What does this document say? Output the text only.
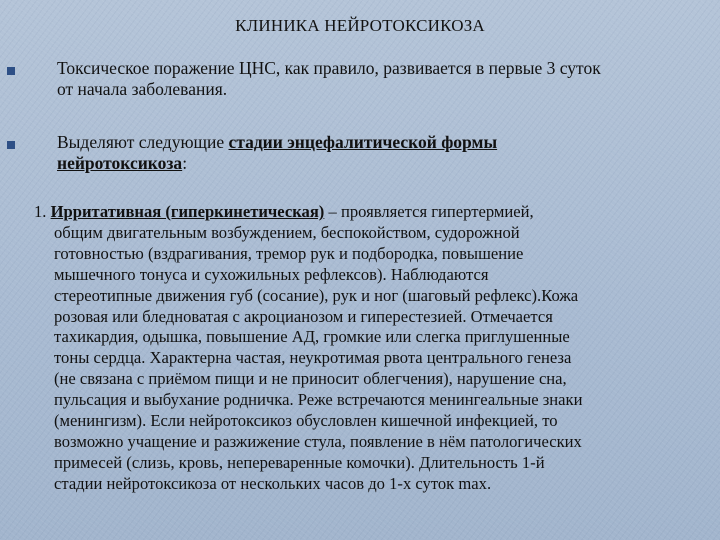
КЛИНИКА НЕЙРОТОКСИКОЗА
Токсическое поражение ЦНС, как правило, развивается в первые 3 суток
от начала заболевания.
Выделяют следующие стадии энцефалитической формы
нейротоксикоза:
1. Ирритативная (гиперкинетическая) – проявляется гипертермией,
общим двигательным возбуждением, беспокойством, судорожной
готовностью (вздрагивания, тремор рук и подбородка, повышение
мышечного тонуса и сухожильных рефлексов). Наблюдаются
стереотипные движения губ (сосание), рук и ног (шаговый рефлекс).Кожа
розовая или бледноватая с акроцианозом и гиперестезией. Отмечается
тахикардия, одышка, повышение АД, громкие или слегка приглушенные
тоны сердца. Характерна частая, неукротимая рвота центрального генеза
(не связана с приёмом пищи и не приносит облегчения), нарушение сна,
пульсация и выбухание родничка. Реже встречаются менингеальные знаки
(менингизм). Если нейротоксикоз обусловлен кишечной инфекцией, то
возможно учащение и разжижение стула, появление в нём патологических
примесей (слизь, кровь, непереваренные комочки). Длительность 1-й
стадии нейротоксикоза от нескольких часов до 1-х суток max.
